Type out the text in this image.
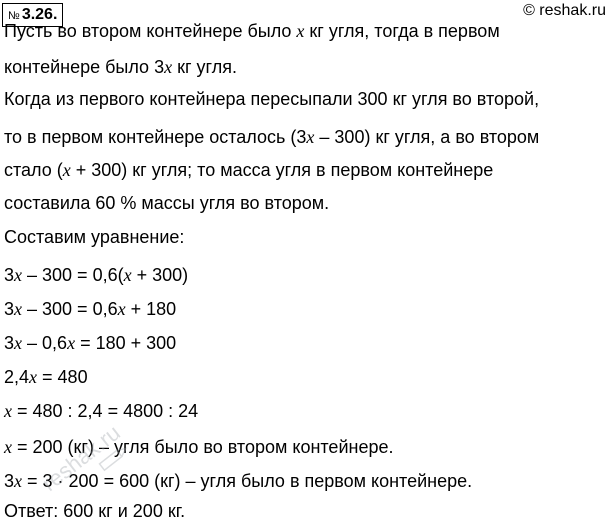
№ 3.26.	© reshak.ru
Пусть во втором контейнере было x кг угля, тогда в первом
контейнере было 3x кг угля.
Когда из первого контейнера пересыпали 300 кг угля во второй,
то в первом контейнере осталось (3x – 300) кг угля, а во втором
стало (x + 300) кг угля; то масса угля в первом контейнере
составила 60 % массы угля во втором.
Составим уравнение:
3x – 300 = 0,6(x + 300)
3x – 300 = 0,6x + 180
3x – 0,6x = 180 + 300
2,4x = 480
x = 480 : 2,4 = 4800 : 24
x = 200 (кг) – угля было во втором контейнере.
3x = 3 · 200 = 600 (кг) – угля было в первом контейнере.
Ответ: 600 кг и 200 кг.
reshak.ru
